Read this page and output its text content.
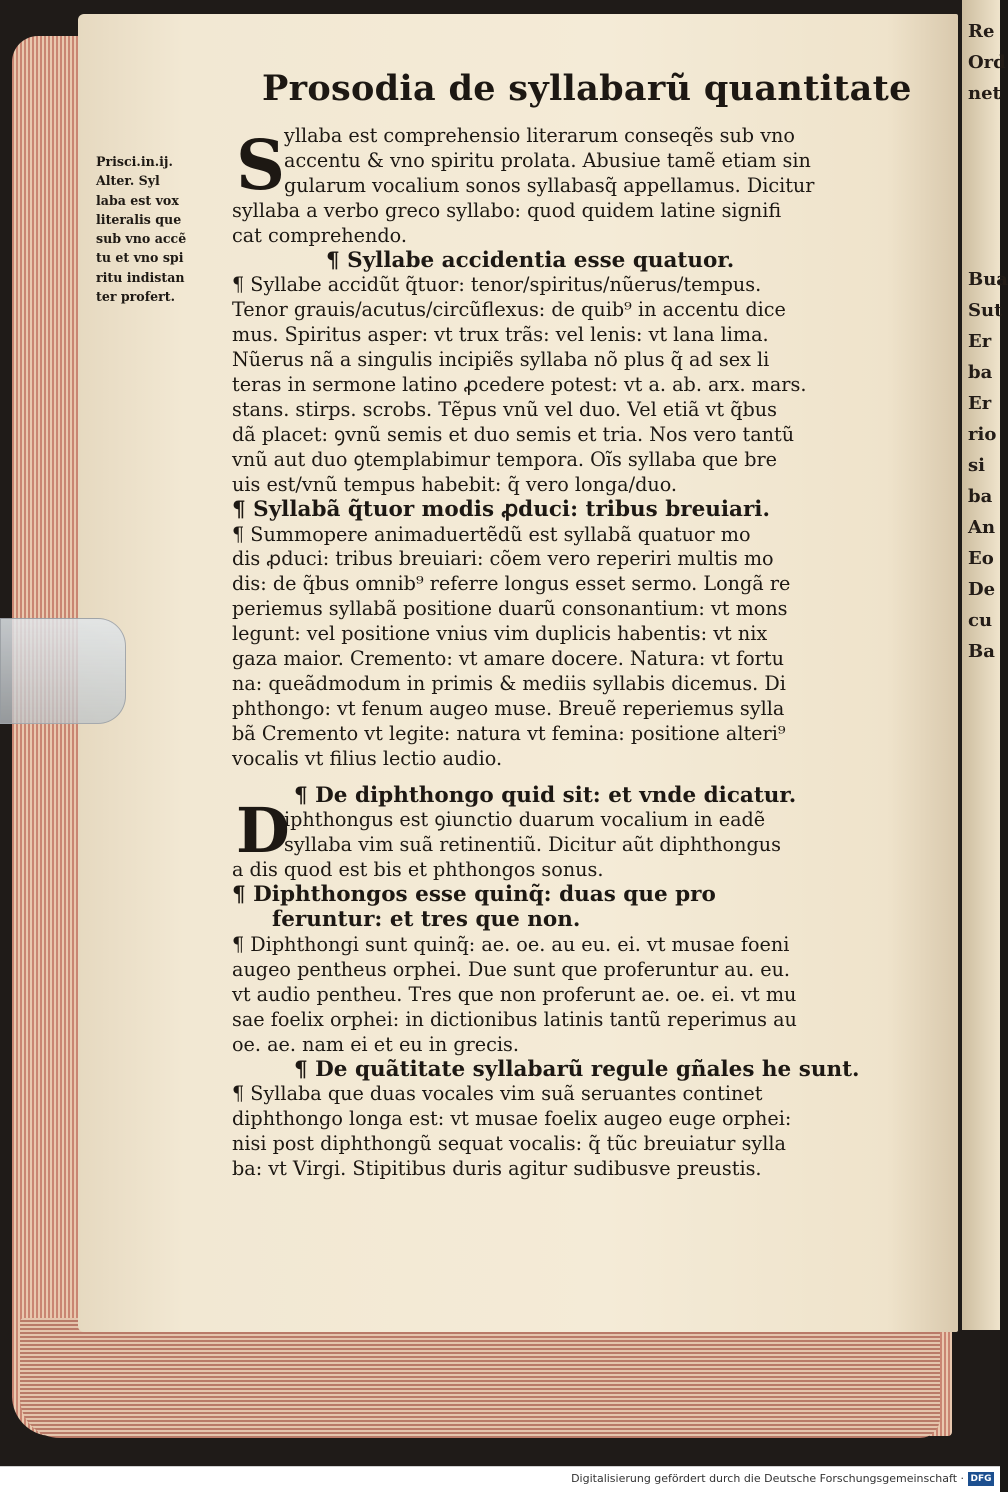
Re
Ord
net

Bua
Sut
Er
ba
Er
rio
si
ba
An
Eo
De
cu
Ba
Prosodia de syllabarũ quantitate
Prisci.in.ij.
Alter. Syl
laba est vox
literalis que
sub vno accẽ
tu et vno spi
ritu indistan
ter profert.
S
D
yllaba est comprehensio literarum conseqẽs sub vno
accentu & vno spiritu prolata. Abusiue tamẽ etiam sin
gularum vocalium sonos syllabasq̃ appellamus. Dicitur
syllaba a verbo greco syllabo: quod quidem latine signifi
cat comprehendo.
¶ Syllabe accidentia esse quatuor.
¶ Syllabe accidũt q̃tuor: tenor/spiritus/nũerus/tempus.
Tenor grauis/acutus/circũflexus: de quib⁹ in accentu dice
mus. Spiritus asper: vt trux trãs: vel lenis: vt lana lima.
Nũerus nã a singulis incipiẽs syllaba nõ plus q̃ ad sex li
teras in sermone latino ꝓcedere potest: vt a. ab. arx. mars.
stans. stirps. scrobs. Tẽpus vnũ vel duo. Vel etiã vt q̃bus
dã placet: ꝯvnũ semis et duo semis et tria. Nos vero tantũ
vnũ aut duo ꝯtemplabimur tempora. Oĩs syllaba que bre
uis est/vnũ tempus habebit: q̃ vero longa/duo.
¶ Syllabã q̃tuor modis ꝓduci: tribus breuiari.
¶ Summopere animaduertẽdũ est syllabã quatuor mo
dis ꝓduci: tribus breuiari: cõem vero reperiri multis mo
dis: de q̃bus omnib⁹ referre longus esset sermo. Longã re
periemus syllabã positione duarũ consonantium: vt mons
legunt: vel positione vnius vim duplicis habentis: vt nix
gaza maior. Cremento: vt amare docere. Natura: vt fortu
na: queãdmodum in primis & mediis syllabis dicemus. Di
phthongo: vt fenum augeo muse. Breuẽ reperiemus sylla
bã Cremento vt legite: natura vt femina: positione alteri⁹
vocalis vt filius lectio audio.
¶ De diphthongo quid sit: et vnde dicatur.
iphthongus est ꝯiunctio duarum vocalium in eadẽ
syllaba vim suã retinentiũ. Dicitur aũt diphthongus
a dis quod est bis et phthongos sonus.
¶ Diphthongos esse quinq̃: duas que pro
feruntur: et tres que non.
¶ Diphthongi sunt quinq̃: ae. oe. au eu. ei. vt musae foeni
augeo pentheus orphei. Due sunt que proferuntur au. eu.
vt audio pentheu. Tres que non proferunt ae. oe. ei. vt mu
sae foelix orphei: in dictionibus latinis tantũ reperimus au
oe. ae. nam ei et eu in grecis.
¶ De quãtitate syllabarũ regule gñales he sunt.
¶ Syllaba que duas vocales vim suã seruantes continet
diphthongo longa est: vt musae foelix augeo euge orphei:
nisi post diphthongũ sequat vocalis: q̃ tũc breuiatur sylla
ba: vt Virgi. Stipitibus duris agitur sudibusve preustis.
Digitalisierung gefördert durch die Deutsche Forschungsgemeinschaft · DFG
